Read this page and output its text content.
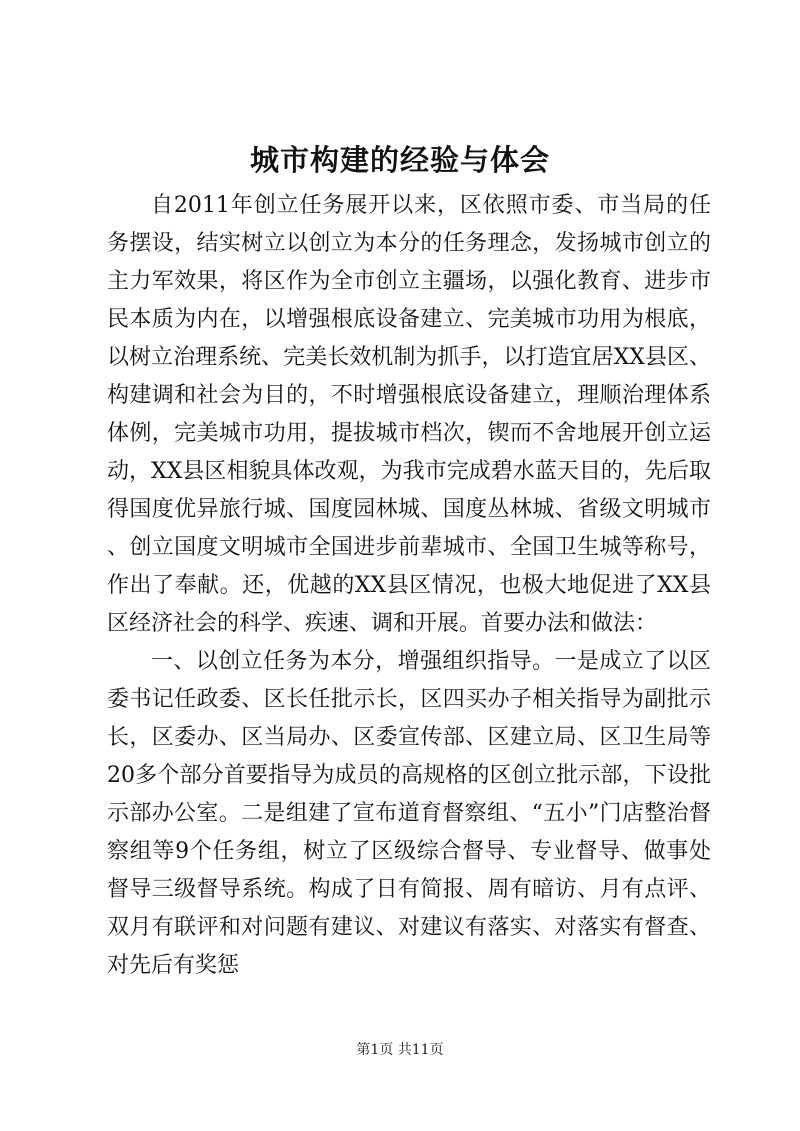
城市构建的经验与体会

自2011年创立任务展开以来，区依照市委、市当局的任务摆设，结实树立以创立为本分的任务理念，发扬城市创立的主力军效果，将区作为全市创立主疆场，以强化教育、进步市民本质为内在，以增强根底设备建立、完美城市功用为根底，以树立治理系统、完美长效机制为抓手，以打造宜居XX县区、构建调和社会为目的，不时增强根底设备建立，理顺治理体系体例，完美城市功用，提拔城市档次，锲而不舍地展开创立运动，XX县区相貌具体改观，为我市完成碧水蓝天目的，先后取得国度优异旅行城、国度园林城、国度丛林城、省级文明城市、创立国度文明城市全国进步前辈城市、全国卫生城等称号，作出了奉献。还，优越的XX县区情况，也极大地促进了XX县区经济社会的科学、疾速、调和开展。首要办法和做法：

一、以创立任务为本分，增强组织指导。一是成立了以区委书记任政委、区长任批示长，区四买办子相关指导为副批示长，区委办、区当局办、区委宣传部、区建立局、区卫生局等20多个部分首要指导为成员的高规格的区创立批示部，下设批示部办公室。二是组建了宣布道育督察组、“五小”门店整治督察组等9个任务组，树立了区级综合督导、专业督导、做事处督导三级督导系统。构成了日有简报、周有暗访、月有点评、双月有联评和对问题有建议、对建议有落实、对落实有督查、对先后有奖惩

第1页 共11页
